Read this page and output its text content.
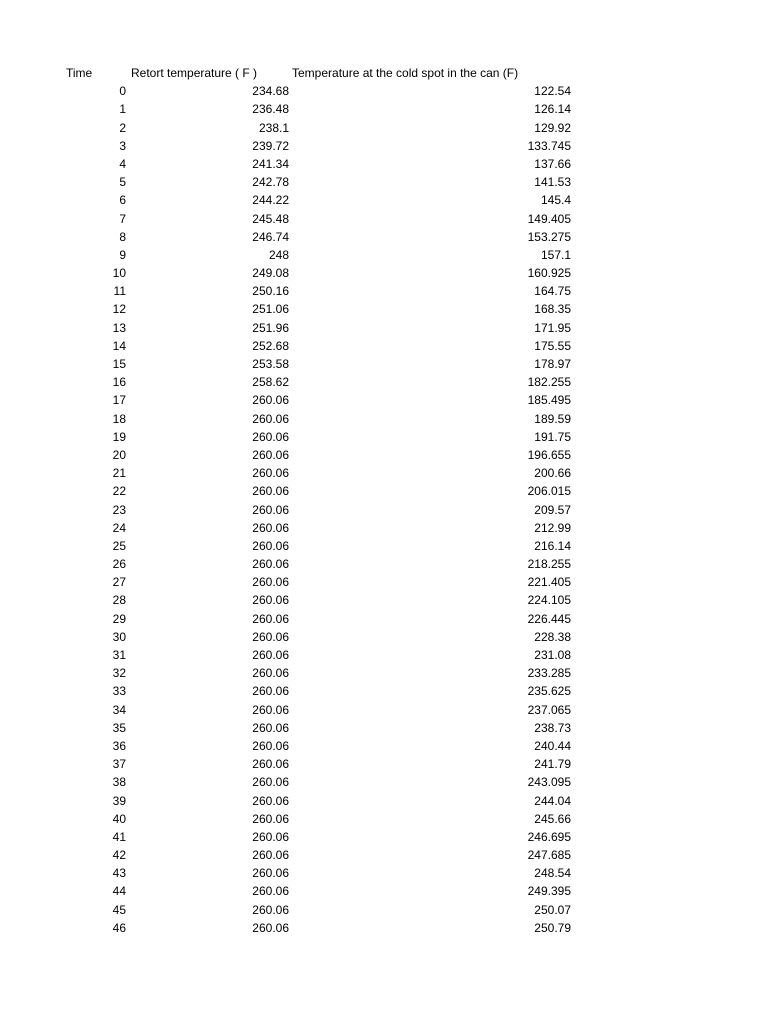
Time	Retort temperature ( F )	Temperature at the cold spot in the can (F)
0	234.68	122.54
1	236.48	126.14
2	238.1	129.92
3	239.72	133.745
4	241.34	137.66
5	242.78	141.53
6	244.22	145.4
7	245.48	149.405
8	246.74	153.275
9	248	157.1
10	249.08	160.925
11	250.16	164.75
12	251.06	168.35
13	251.96	171.95
14	252.68	175.55
15	253.58	178.97
16	258.62	182.255
17	260.06	185.495
18	260.06	189.59
19	260.06	191.75
20	260.06	196.655
21	260.06	200.66
22	260.06	206.015
23	260.06	209.57
24	260.06	212.99
25	260.06	216.14
26	260.06	218.255
27	260.06	221.405
28	260.06	224.105
29	260.06	226.445
30	260.06	228.38
31	260.06	231.08
32	260.06	233.285
33	260.06	235.625
34	260.06	237.065
35	260.06	238.73
36	260.06	240.44
37	260.06	241.79
38	260.06	243.095
39	260.06	244.04
40	260.06	245.66
41	260.06	246.695
42	260.06	247.685
43	260.06	248.54
44	260.06	249.395
45	260.06	250.07
46	260.06	250.79
